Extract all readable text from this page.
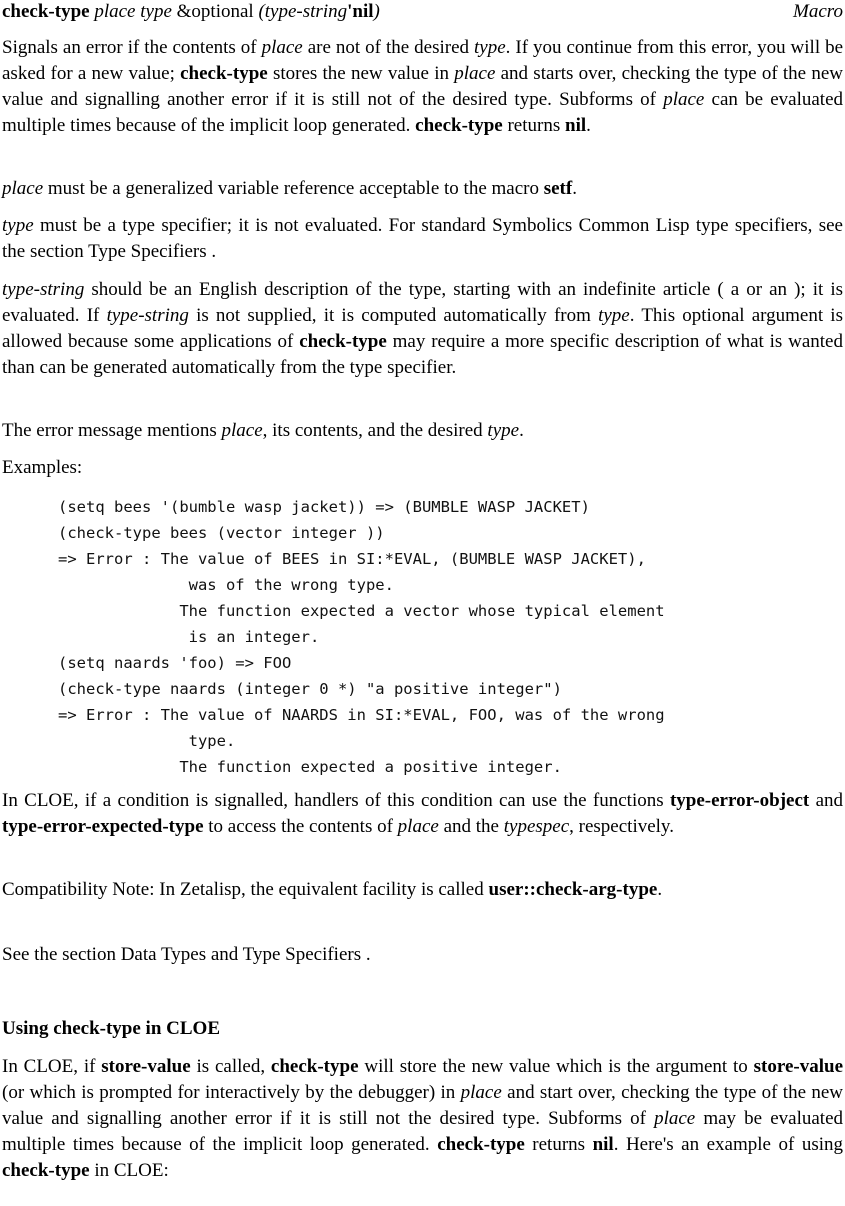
check-type place type &optional (type-string'nil)	Macro

Signals an error if the contents of place are not of the desired type. If you continue from this error, you will be asked for a new value; check-type stores the new value in place and starts over, checking the type of the new value and signalling another error if it is still not of the desired type. Subforms of place can be evaluated multiple times because of the implicit loop generated. check-type returns nil.

place must be a generalized variable reference acceptable to the macro setf.

type must be a type specifier; it is not evaluated. For standard Symbolics Common Lisp type specifiers, see the section Type Specifiers .

type-string should be an English description of the type, starting with an indefinite article ( a or an ); it is evaluated. If type-string is not supplied, it is computed automatically from type. This optional argument is allowed because some applications of check-type may require a more specific description of what is wanted than can be generated automatically from the type specifier.

The error message mentions place, its contents, and the desired type.

Examples:

(setq bees '(bumble wasp jacket)) => (BUMBLE WASP JACKET)
(check-type bees (vector integer ))
=> Error : The value of BEES in SI:*EVAL, (BUMBLE WASP JACKET),
was of the wrong type.
The function expected a vector whose typical element
is an integer.
(setq naards 'foo) => FOO
(check-type naards (integer 0 *) "a positive integer")
=> Error : The value of NAARDS in SI:*EVAL, FOO, was of the wrong
type.
The function expected a positive integer.

In CLOE, if a condition is signalled, handlers of this condition can use the functions type-error-object and type-error-expected-type to access the contents of place and the typespec, respectively.

Compatibility Note: In Zetalisp, the equivalent facility is called user::check-arg-type.

See the section Data Types and Type Specifiers .

Using check-type in CLOE

In CLOE, if store-value is called, check-type will store the new value which is the argument to store-value (or which is prompted for interactively by the debugger) in place and start over, checking the type of the new value and signalling another error if it is still not the desired type. Subforms of place may be evaluated multiple times because of the implicit loop generated. check-type returns nil. Here's an example of using check-type in CLOE:
